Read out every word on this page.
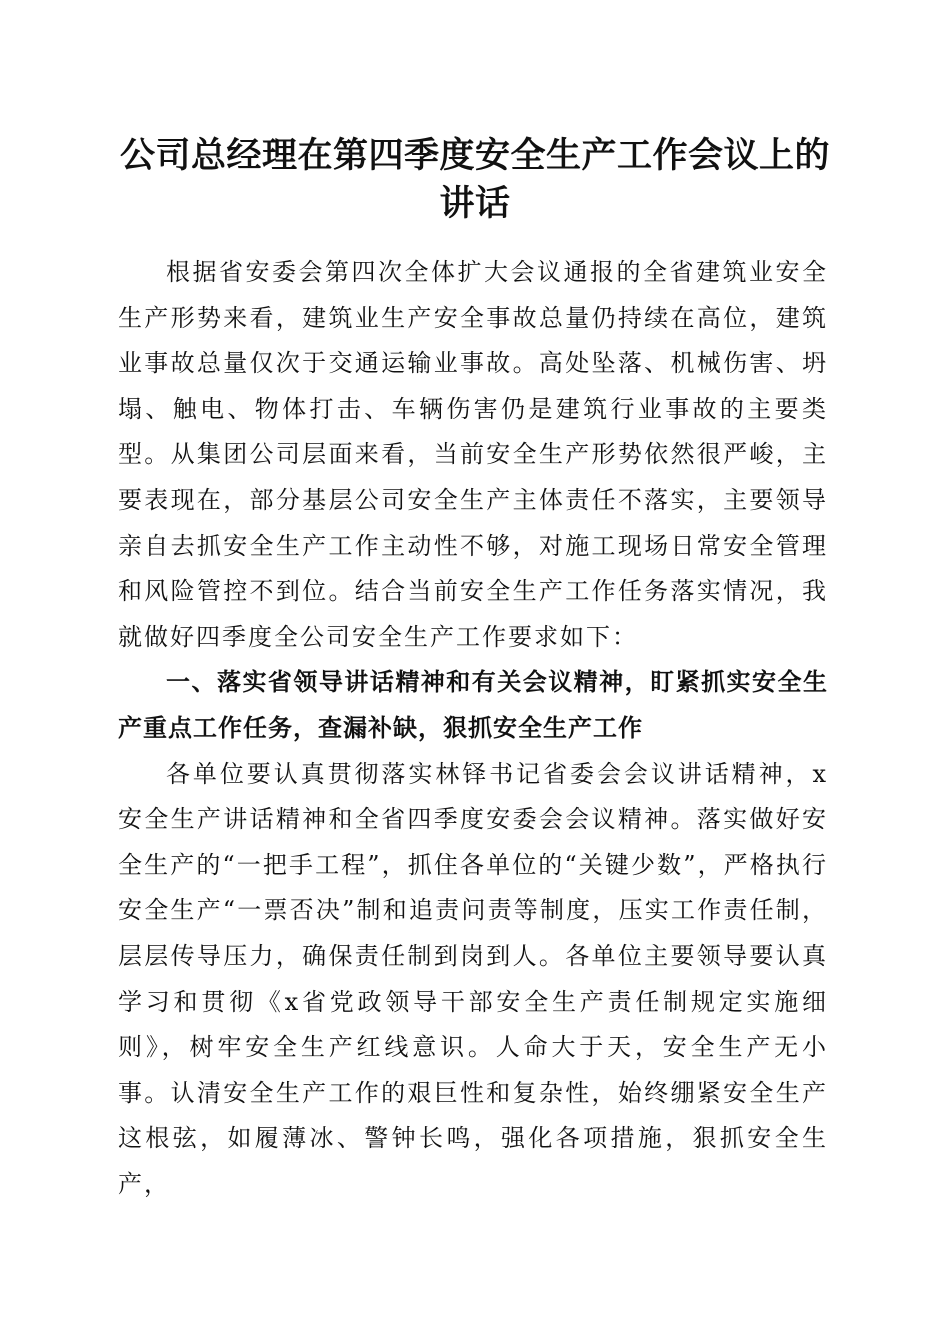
公司总经理在第四季度安全生产工作会议上的
讲话

根据省安委会第四次全体扩大会议通报的全省建筑业安全生产形势来看，建筑业生产安全事故总量仍持续在高位，建筑业事故总量仅次于交通运输业事故。高处坠落、机械伤害、坍塌、触电、物体打击、车辆伤害仍是建筑行业事故的主要类型。从集团公司层面来看，当前安全生产形势依然很严峻，主要表现在，部分基层公司安全生产主体责任不落实，主要领导亲自去抓安全生产工作主动性不够，对施工现场日常安全管理和风险管控不到位。结合当前安全生产工作任务落实情况，我就做好四季度全公司安全生产工作要求如下：

一、落实省领导讲话精神和有关会议精神，盯紧抓实安全生产重点工作任务，查漏补缺，狠抓安全生产工作

各单位要认真贯彻落实林铎书记省委会会议讲话精神，x安全生产讲话精神和全省四季度安委会会议精神。落实做好安全生产的“一把手工程”，抓住各单位的“关键少数”，严格执行安全生产“一票否决”制和追责问责等制度，压实工作责任制，层层传导压力，确保责任制到岗到人。各单位主要领导要认真学习和贯彻《x省党政领导干部安全生产责任制规定实施细则》，树牢安全生产红线意识。人命大于天，安全生产无小事。认清安全生产工作的艰巨性和复杂性，始终绷紧安全生产这根弦，如履薄冰、警钟长鸣，强化各项措施，狠抓安全生产，
